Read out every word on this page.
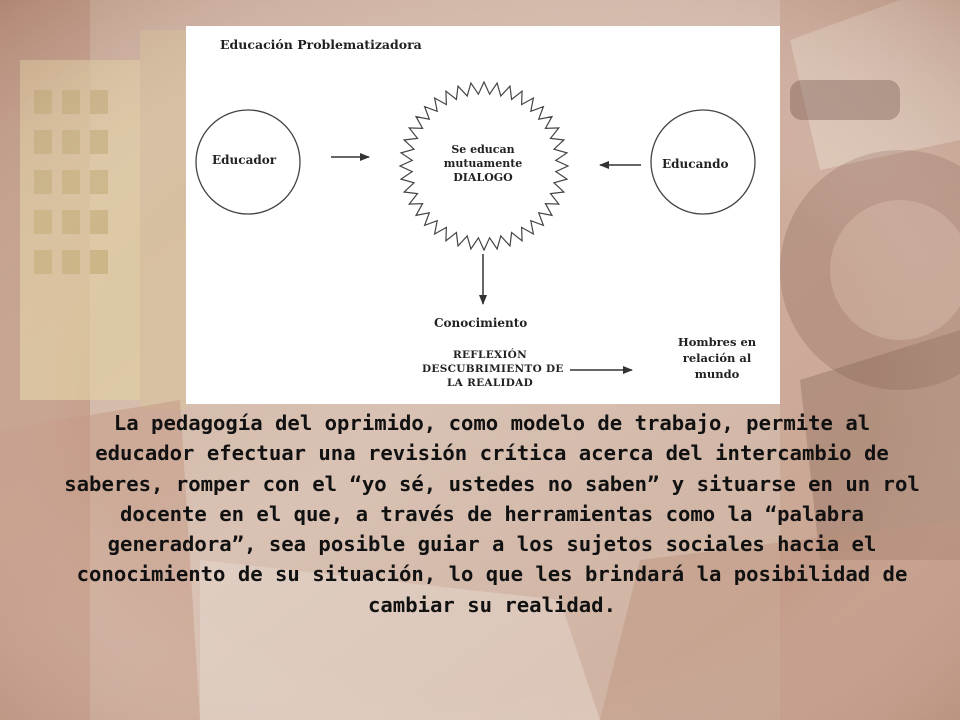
Educación Problematizadora
Educador	Educando
Se educan
mutuamente
DIALOGO
Conocimiento
REFLEXIÓN
DESCUBRIMIENTO DE
LA REALIDAD
Hombres en
relación al
mundo

La pedagogía del oprimido, como modelo de trabajo, permite al educador efectuar una revisión crítica acerca del intercambio de saberes, romper con el “yo sé, ustedes no saben” y situarse en un rol docente en el que, a través de herramientas como la “palabra generadora”, sea posible guiar a los sujetos sociales hacia el conocimiento de su situación, lo que les brindará la posibilidad de cambiar su realidad.
